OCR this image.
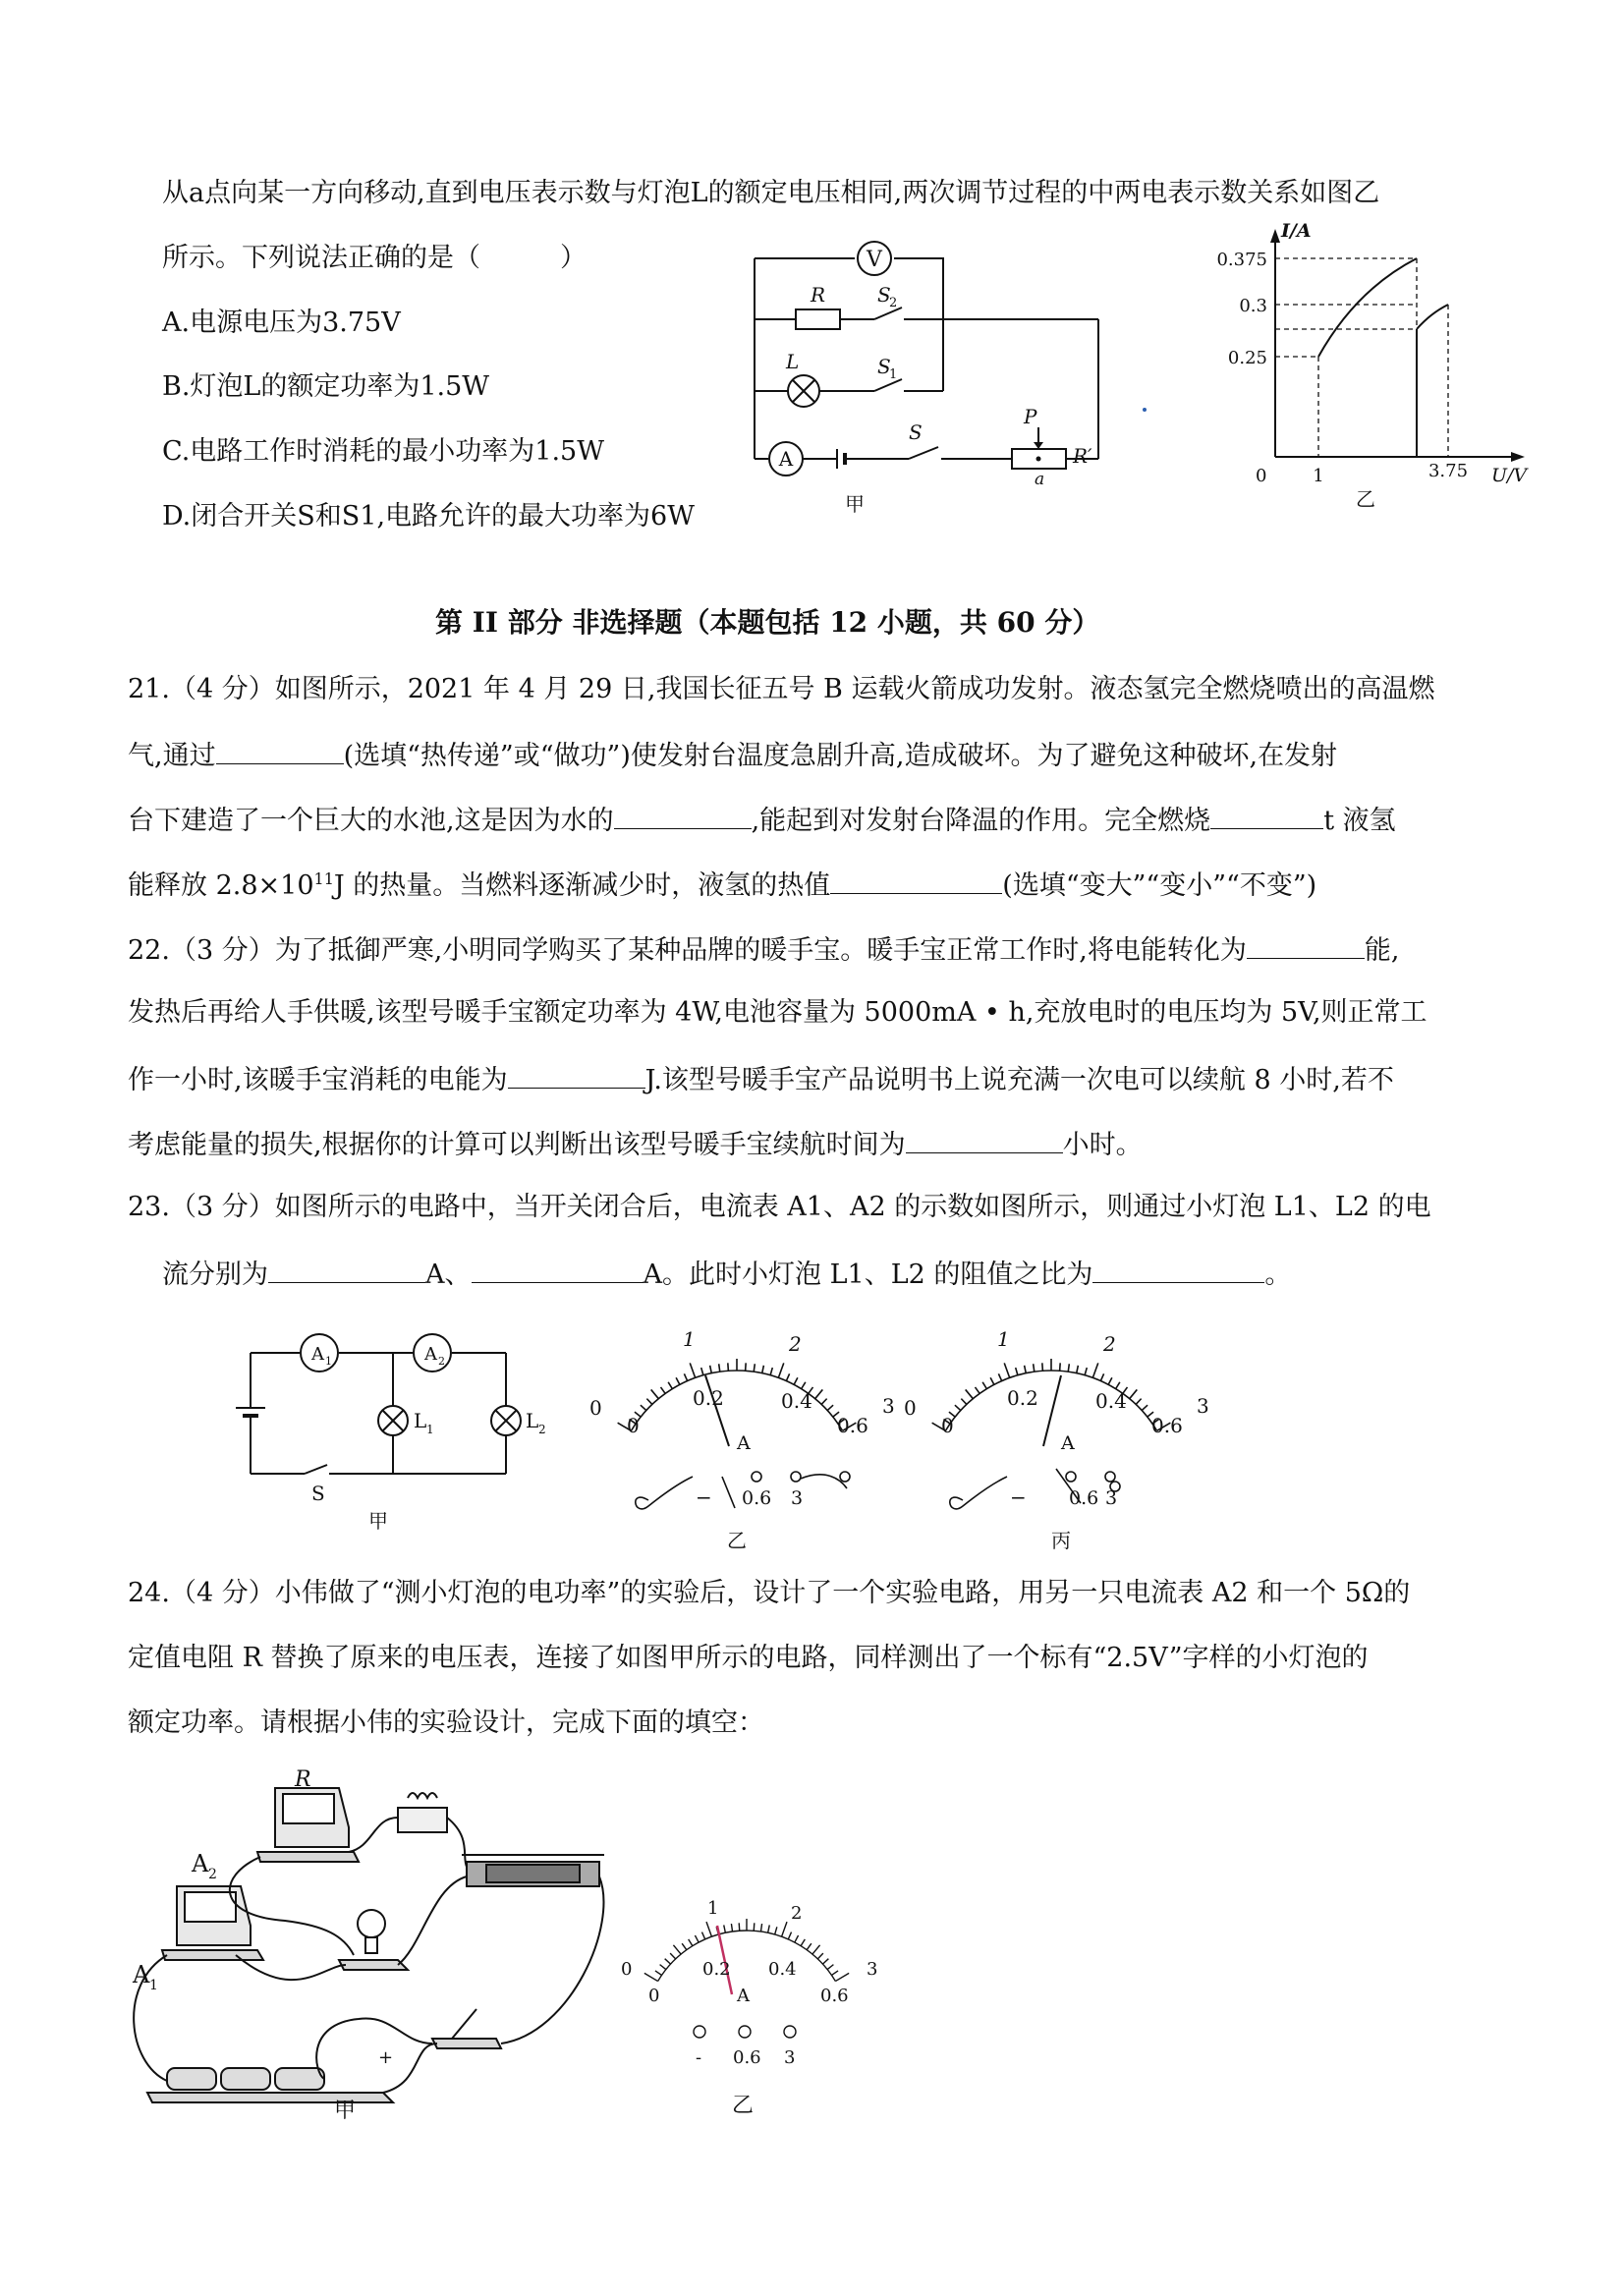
从a点向某一方向移动,直到电压表示数与灯泡L的额定电压相同,两次调节过程的中两电表示数关系如图乙
所示。下列说法正确的是（　　　）
A.电源电压为3.75V
B.灯泡L的额定功率为1.5W
C.电路工作时消耗的最小功率为1.5W
D.闭合开关S和S1,电路允许的最大功率为6W
V
R	S
2
L	S
1
A
S
P
a
R′
甲
I/A
0.375
0.3
0.25
0	1	3.75 U/V
乙
第 II 部分 非选择题（本题包括 12 小题，共 60 分）
21.（4 分）如图所示，2021 年 4 月 29 日,我国长征五号 B 运载火箭成功发射。液态氢完全燃烧喷出的高温燃
气,通过	(选填“热传递”或“做功”)使发射台温度急剧升高,造成破坏。为了避免这种破坏,在发射
台下建造了一个巨大的水池,这是因为水的	,能起到对发射台降温的作用。完全燃烧	t 液氢
能释放 $2.8\times 10^{11}J$ 的热量。当燃料逐渐减少时，液氢的热值	(选填“变大”“变小”“不变”)
22.（3 分）为了抵御严寒,小明同学购买了某种品牌的暖手宝。暖手宝正常工作时,将电能转化为	能,
发热后再给人手供暖,该型号暖手宝额定功率为 4W,电池容量为 5000mA • h,充放电时的电压均为 5V,则正常工
作一小时,该暖手宝消耗的电能为	J.该型号暖手宝产品说明书上说充满一次电可以续航 8 小时,若不
考虑能量的损失,根据你的计算可以判断出该型号暖手宝续航时间为	小时。
23.（3 分）如图所示的电路中，当开关闭合后，电流表 A1、A2 的示数如图所示，则通过小灯泡 L1、L2 的电
流分别为	A、	A。此时小灯泡 L1、L2 的阻值之比为	。
A 1	A 2
L 1	L 2
S
甲
1	2
0	3
0
0.2	0.4
0.6
A
− 0.6 3
乙
1	2
0	3
0
0.2	0.4
0.6
A
− 0.6 3
丙
24.（4 分）小伟做了“测小灯泡的电功率”的实验后，设计了一个实验电路，用另一只电流表 A2 和一个 5Ω的
定值电阻 R 替换了原来的电压表，连接了如图甲所示的电路，同样测出了一个标有“2.5V”字样的小灯泡的
额定功率。请根据小伟的实验设计，完成下面的填空：
R
A 2
A 1
+
甲
1	2
0	3
0
0.2 0.4
0.6
A
- 0.6 3
乙
